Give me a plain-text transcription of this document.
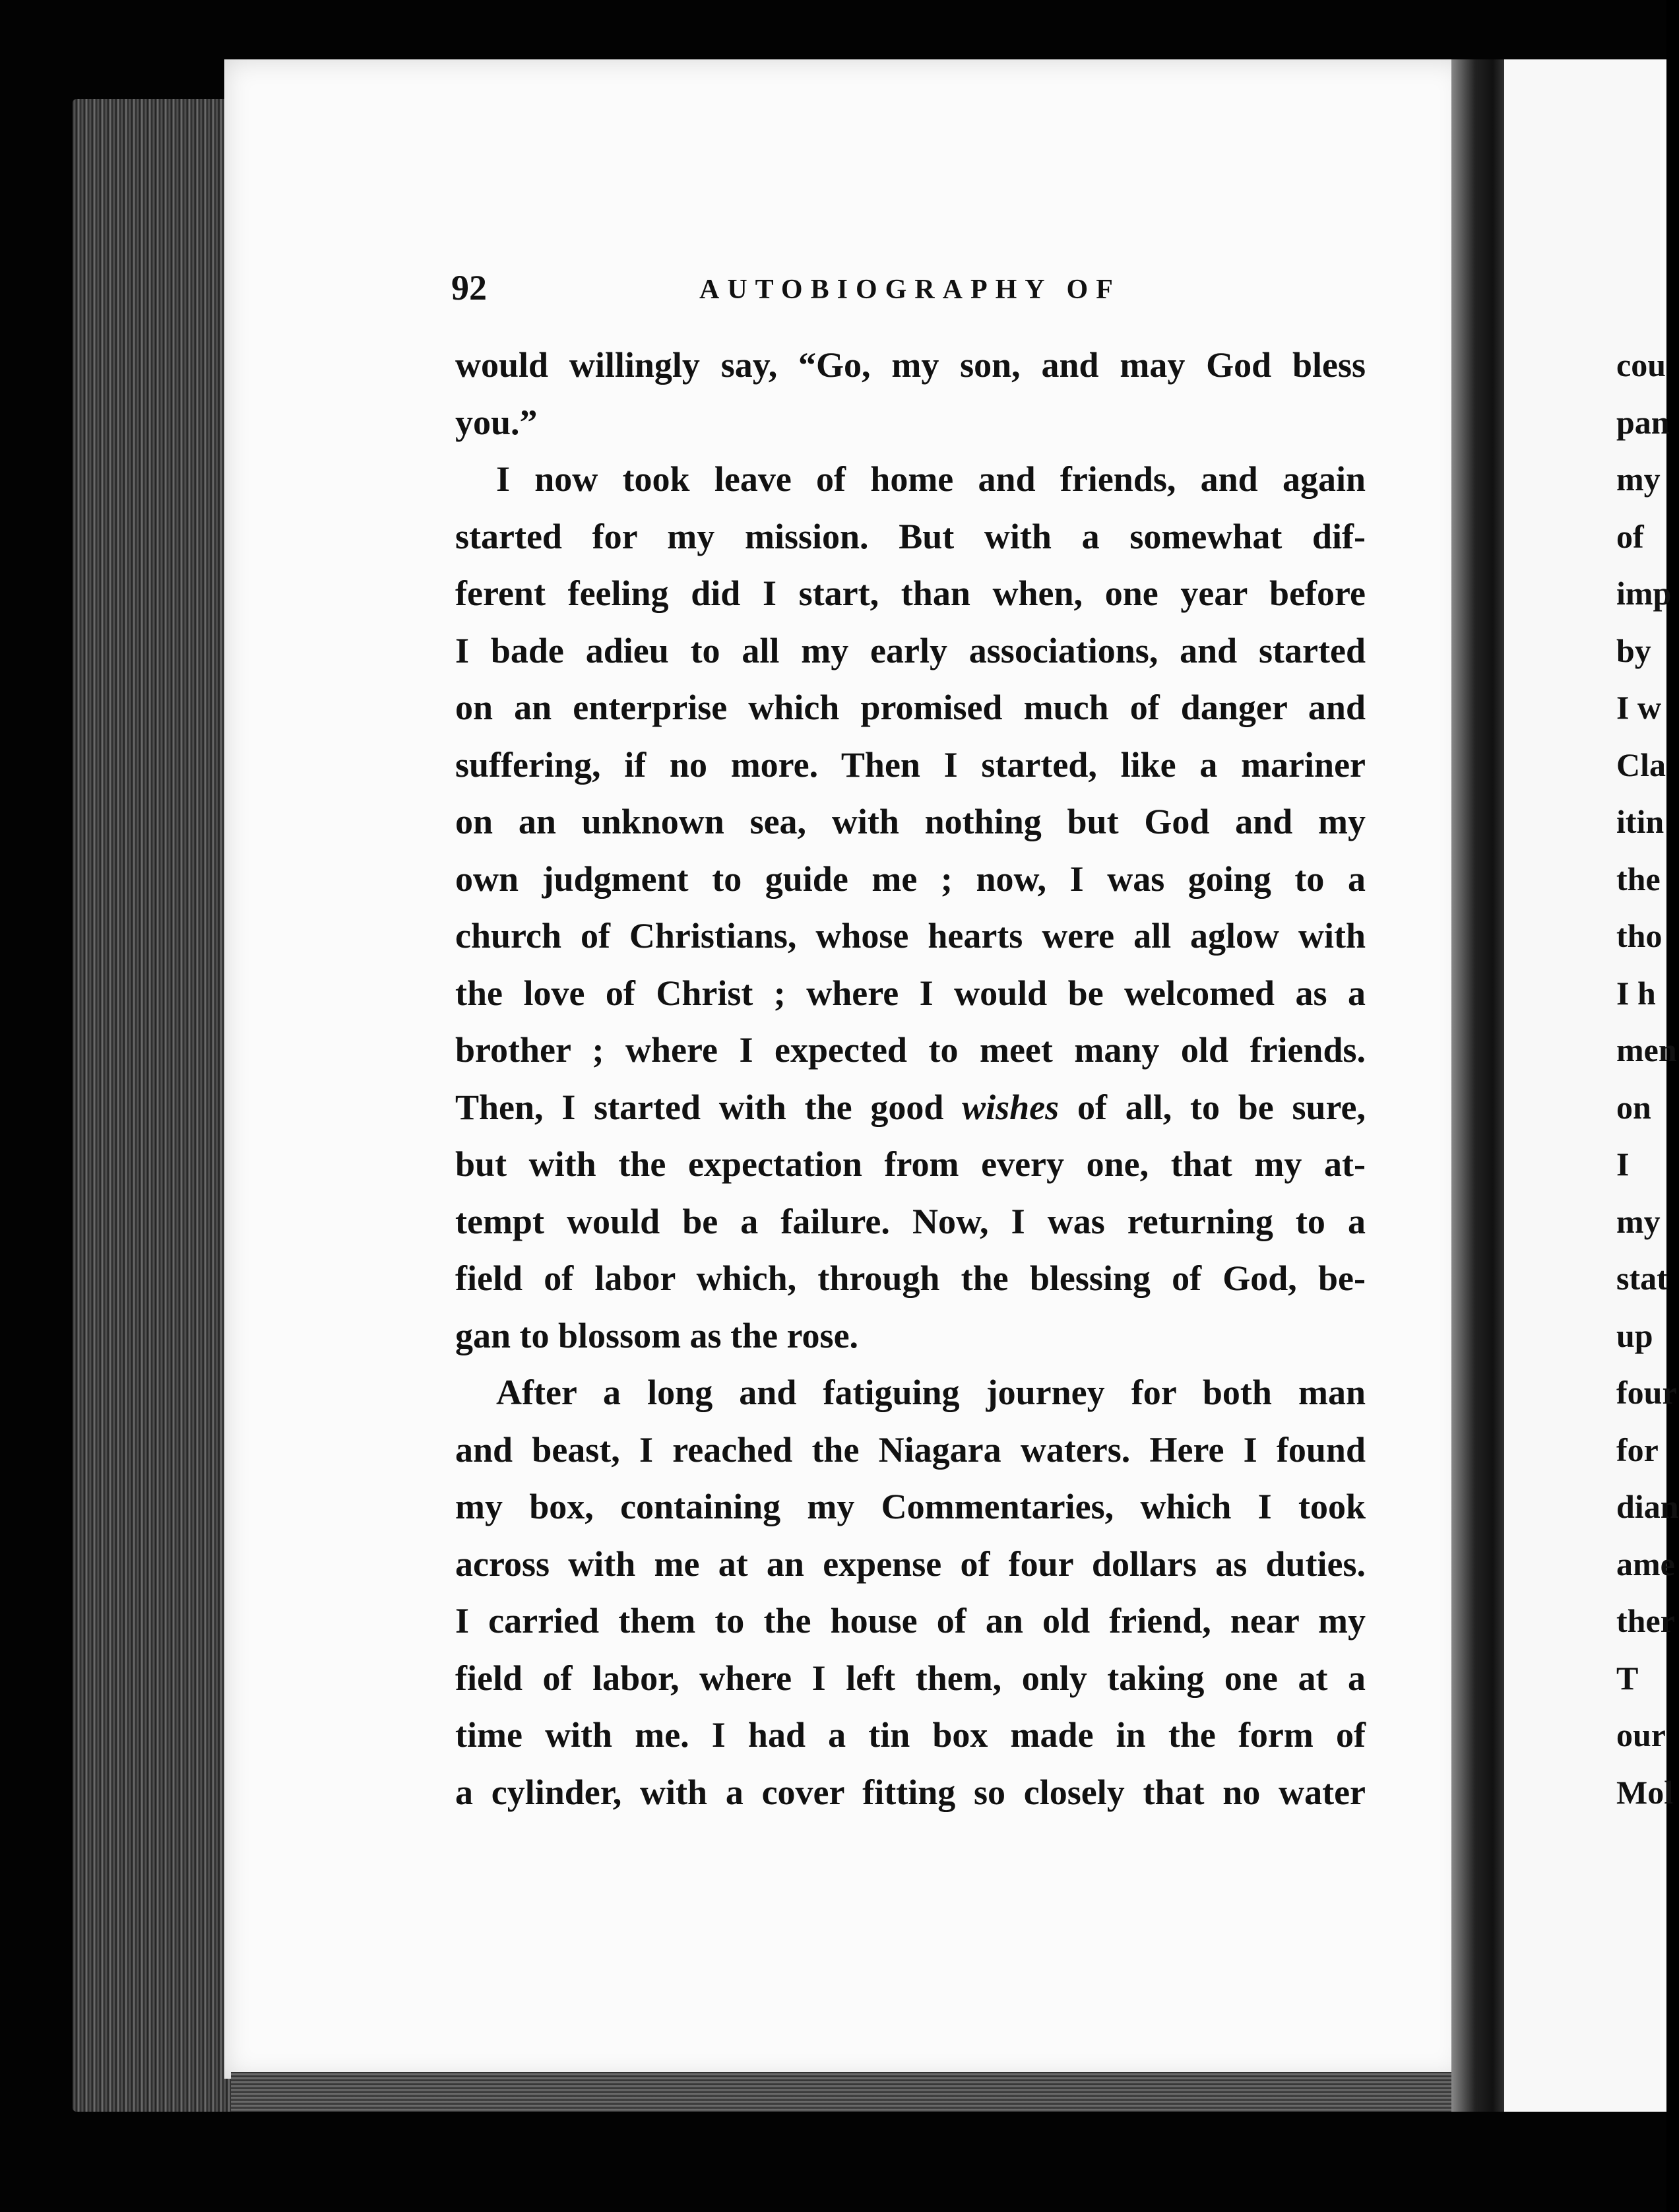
92	AUTOBIOGRAPHY OF
would willingly say, “Go, my son, and may God bless
you.”
I now took leave of home and friends, and again
started for my mission. But with a somewhat dif-
ferent feeling did I start, than when, one year before
I bade adieu to all my early associations, and started
on an enterprise which promised much of danger and
suffering, if no more. Then I started, like a mariner
on an unknown sea, with nothing but God and my
own judgment to guide me ; now, I was going to a
church of Christians, whose hearts were all aglow with
the love of Christ ; where I would be welcomed as a
brother ; where I expected to meet many old friends.
Then, I started with the good wishes of all, to be sure,
but with the expectation from every one, that my at-
tempt would be a failure. Now, I was returning to a
field of labor which, through the blessing of God, be-
gan to blossom as the rose.
After a long and fatiguing journey for both man
and beast, I reached the Niagara waters. Here I found
my box, containing my Commentaries, which I took
across with me at an expense of four dollars as duties.
I carried them to the house of an old friend, near my
field of labor, where I left them, only taking one at a
time with me. I had a tin box made in the form of
a cylinder, with a cover fitting so closely that no water
cou
pan
my
of
imp
by
I w
Cla
itin
the
tho
I h
men
on
I
my
stat
up
four
for
dian
ame
ther
T
our
Mol
